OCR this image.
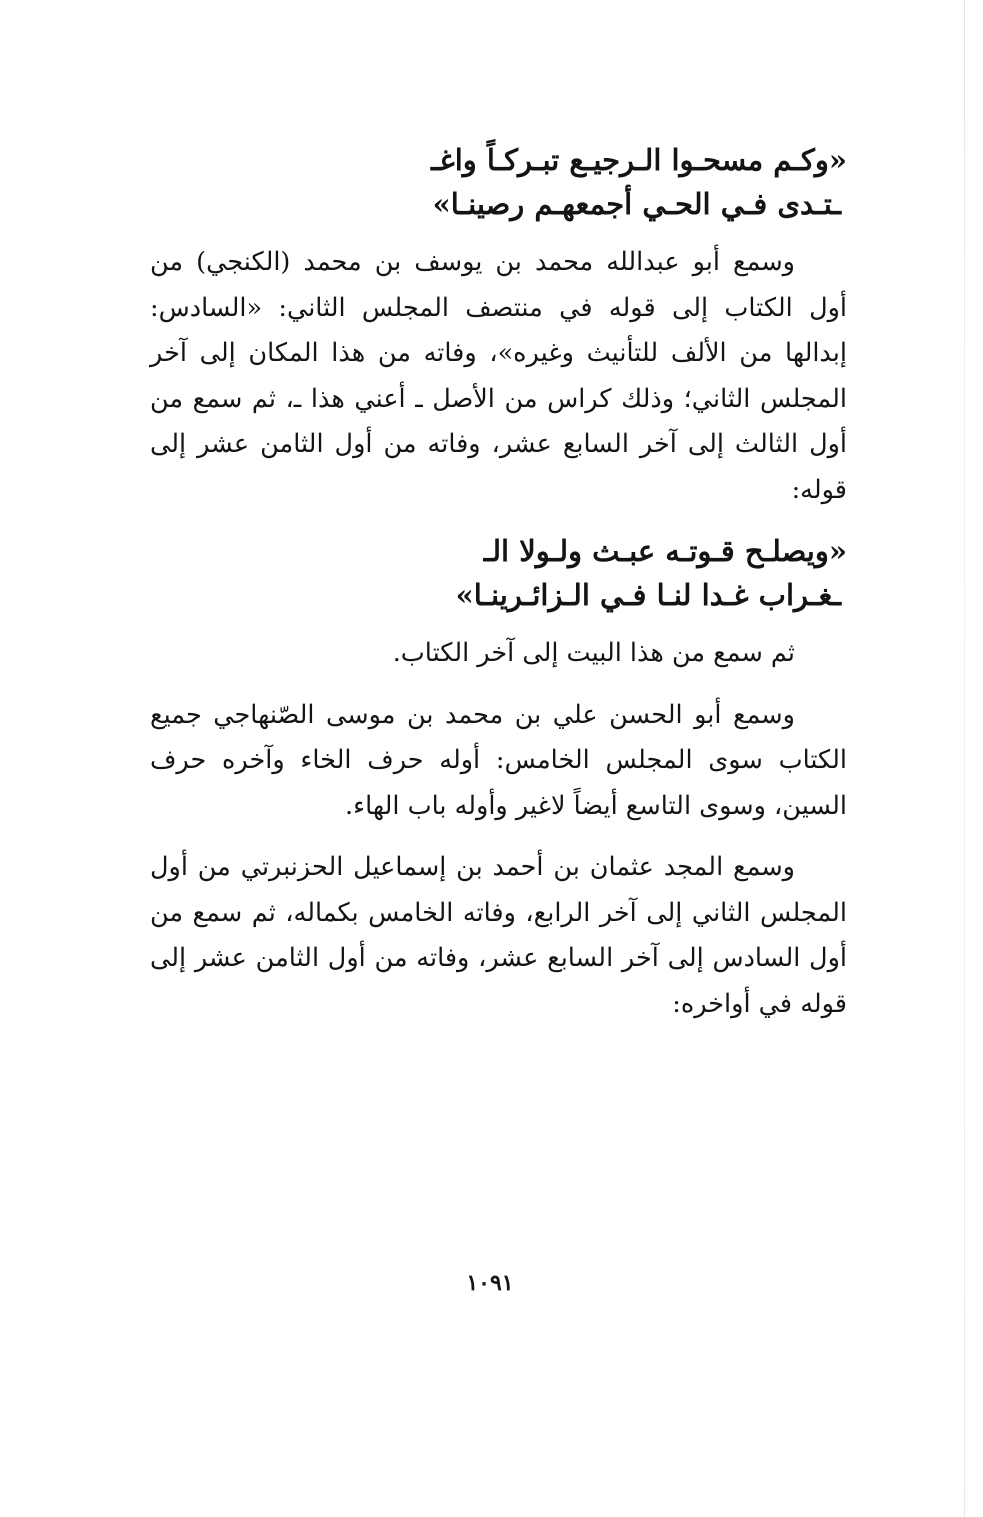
«وكـم مسحـوا الـرجيـع تبـركـاً واغـ

ـتـدى فـي الحـي أجمعهـم رصينـا»

وسمع أبو عبدالله محمد بن يوسف بن محمد (الكنجي) من أول الكتاب إلى قوله في منتصف المجلس الثاني: «السادس: إبدالها من الألف للتأنيث وغيره»، وفاته من هذا المكان إلى آخر المجلس الثاني؛ وذلك كراس من الأصل ـ أعني هذا ـ، ثم سمع من أول الثالث إلى آخر السابع عشر، وفاته من أول الثامن عشر إلى قوله:

«ويصلـح قـوتـه عبـث ولـولا الـ

ـغـراب غـدا لنـا فـي الـزائـرينـا»

ثم سمع من هذا البيت إلى آخر الكتاب.

وسمع أبو الحسن علي بن محمد بن موسى الصّنهاجي جميع الكتاب سوى المجلس الخامس: أوله حرف الخاء وآخره حرف السين، وسوى التاسع أيضاً لاغير وأوله باب الهاء.

وسمع المجد عثمان بن أحمد بن إسماعيل الحزنبرتي من أول المجلس الثاني إلى آخر الرابع، وفاته الخامس بكماله، ثم سمع من أول السادس إلى آخر السابع عشر، وفاته من أول الثامن عشر إلى قوله في أواخره:

١٠٩١
